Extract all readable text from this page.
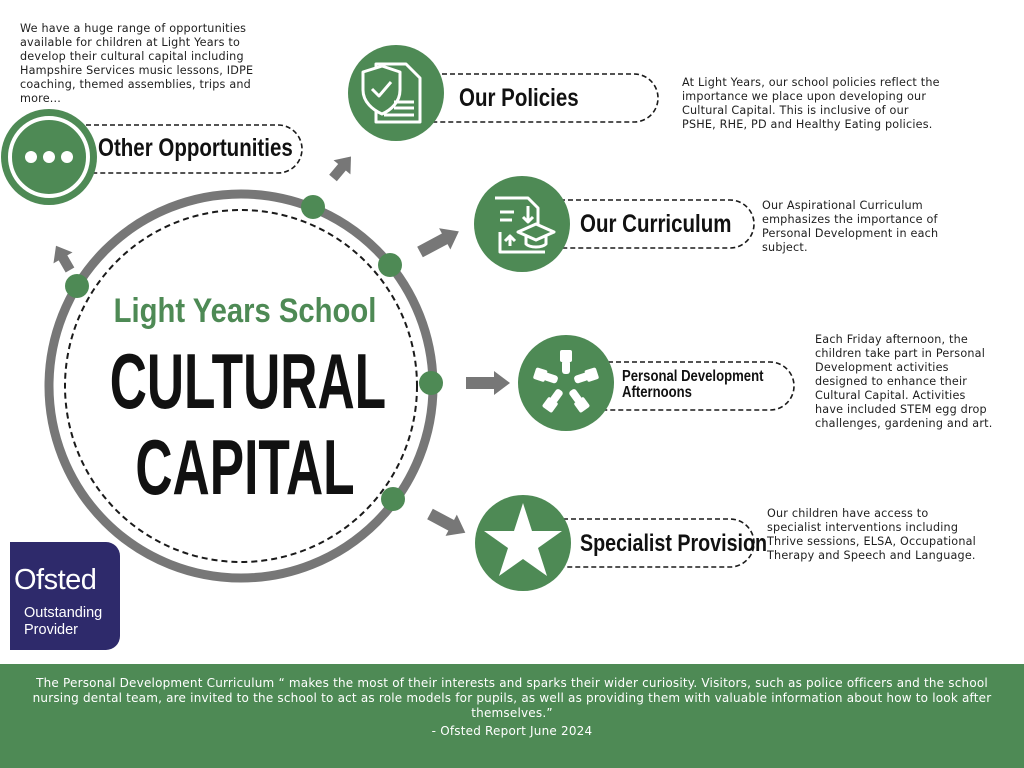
Light Years School
CULTURAL
CAPITAL
Other Opportunities
Our Policies
Our Curriculum
Personal Development
Afternoons
Specialist Provision
We have a huge range of opportunities available for children at Light Years to develop their cultural capital including Hampshire Services music lessons, IDPE coaching, themed assemblies, trips and more...
At Light Years, our school policies reflect the importance we place upon developing our Cultural Capital. This is inclusive of our PSHE, RHE, PD and Healthy Eating policies.
Our Aspirational Curriculum emphasizes the importance of Personal Development in each subject.
Each Friday afternoon, the children take part in Personal Development activities designed to enhance their Cultural Capital. Activities have included STEM egg drop challenges, gardening and art.
Our children have access to specialist interventions including Thrive sessions, ELSA, Occupational Therapy and Speech and Language.
Ofsted
Outstanding
Provider
The Personal Development Curriculum “ makes the most of their interests and sparks their wider curiosity. Visitors, such as police officers and the school nursing dental team, are invited to the school to act as role models for pupils, as well as providing them with valuable information about how to look after themselves.”
- Ofsted Report June 2024
